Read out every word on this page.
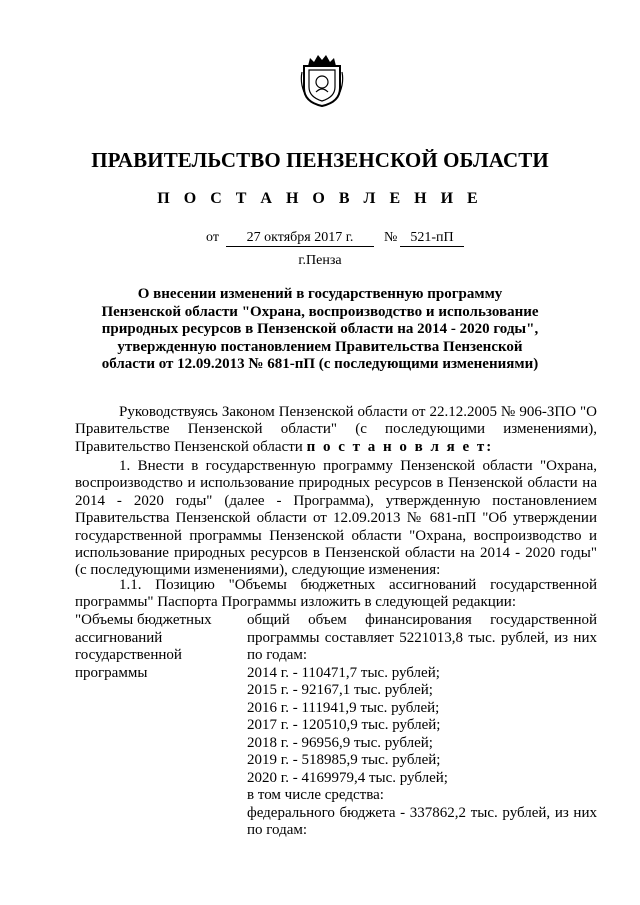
ПРАВИТЕЛЬСТВО ПЕНЗЕНСКОЙ ОБЛАСТИ
П О С Т А Н О В Л Е Н И Е
от	27 октября 2017 г.	№ 521-пП
г.Пенза
О внесении изменений в государственную программу Пензенской области "Охрана, воспроизводство и использование природных ресурсов в Пензенской области на 2014 - 2020 годы", утвержденную постановлением Правительства Пензенской области от 12.09.2013 № 681-пП (с последующими изменениями)
Руководствуясь Законом Пензенской области от 22.12.2005 № 906-ЗПО "О Правительстве Пензенской области" (с последующими изменениями), Правительство Пензенской области п о с т а н о в л я е т:
1. Внести в государственную программу Пензенской области "Охрана, воспроизводство и использование природных ресурсов в Пензенской области на 2014 - 2020 годы" (далее - Программа), утвержденную постановлением Правительства Пензенской области от 12.09.2013 № 681-пП "Об утверждении государственной программы Пензенской области "Охрана, воспроизводство и использование природных ресурсов в Пензенской области на 2014 - 2020 годы" (с последующими изменениями), следующие изменения:
1.1. Позицию "Объемы бюджетных ассигнований государственной программы" Паспорта Программы изложить в следующей редакции:
"Объемы бюджетных
ассигнований
государственной
программы
общий объем финансирования государственной программы составляет 5221013,8 тыс. рублей, из них по годам:
2014 г. - 110471,7 тыс. рублей;
2015 г. - 92167,1 тыс. рублей;
2016 г. - 111941,9 тыс. рублей;
2017 г. - 120510,9 тыс. рублей;
2018 г. - 96956,9 тыс. рублей;
2019 г. - 518985,9 тыс. рублей;
2020 г. - 4169979,4 тыс. рублей;
в том числе средства:
федерального бюджета - 337862,2 тыс. рублей, из них по годам:
